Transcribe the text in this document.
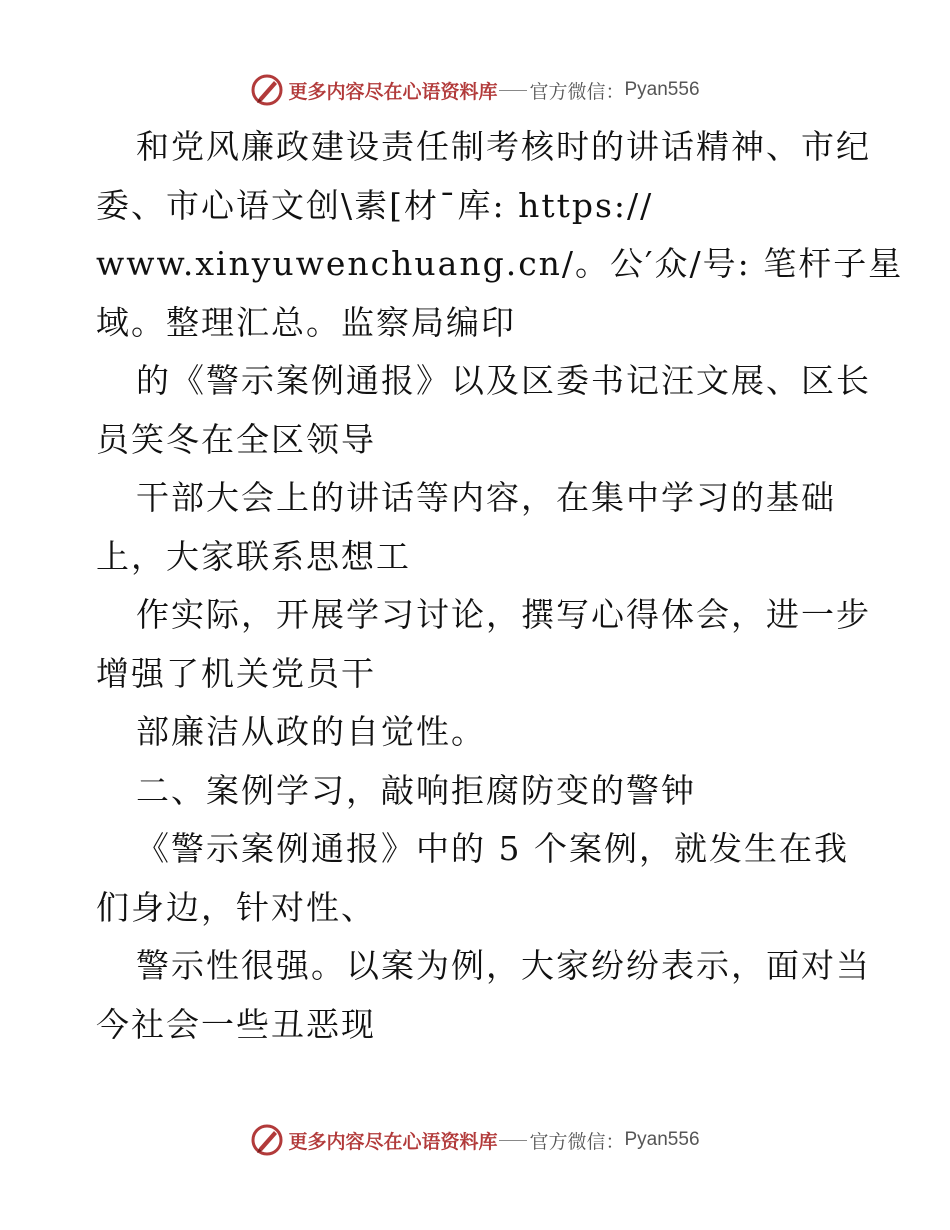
更多内容尽在心语资料库 官方微信： Pyan556
和党风廉政建设责任制考核时的讲话精神、市纪
委、市心语文创\素[材¯库: https://
www.xinyuwenchuang.cn/。公′众/号: 笔杆子星
域。整理汇总。监察局编印
的《警示案例通报》以及区委书记汪文展、区长
员笑冬在全区领导
干部大会上的讲话等内容，在集中学习的基础
上，大家联系思想工
作实际，开展学习讨论，撰写心得体会，进一步
增强了机关党员干
部廉洁从政的自觉性。
二、案例学习，敲响拒腐防变的警钟
《警示案例通报》中的 5 个案例，就发生在我
们身边，针对性、
警示性很强。以案为例，大家纷纷表示，面对当
今社会一些丑恶现
更多内容尽在心语资料库 官方微信： Pyan556
